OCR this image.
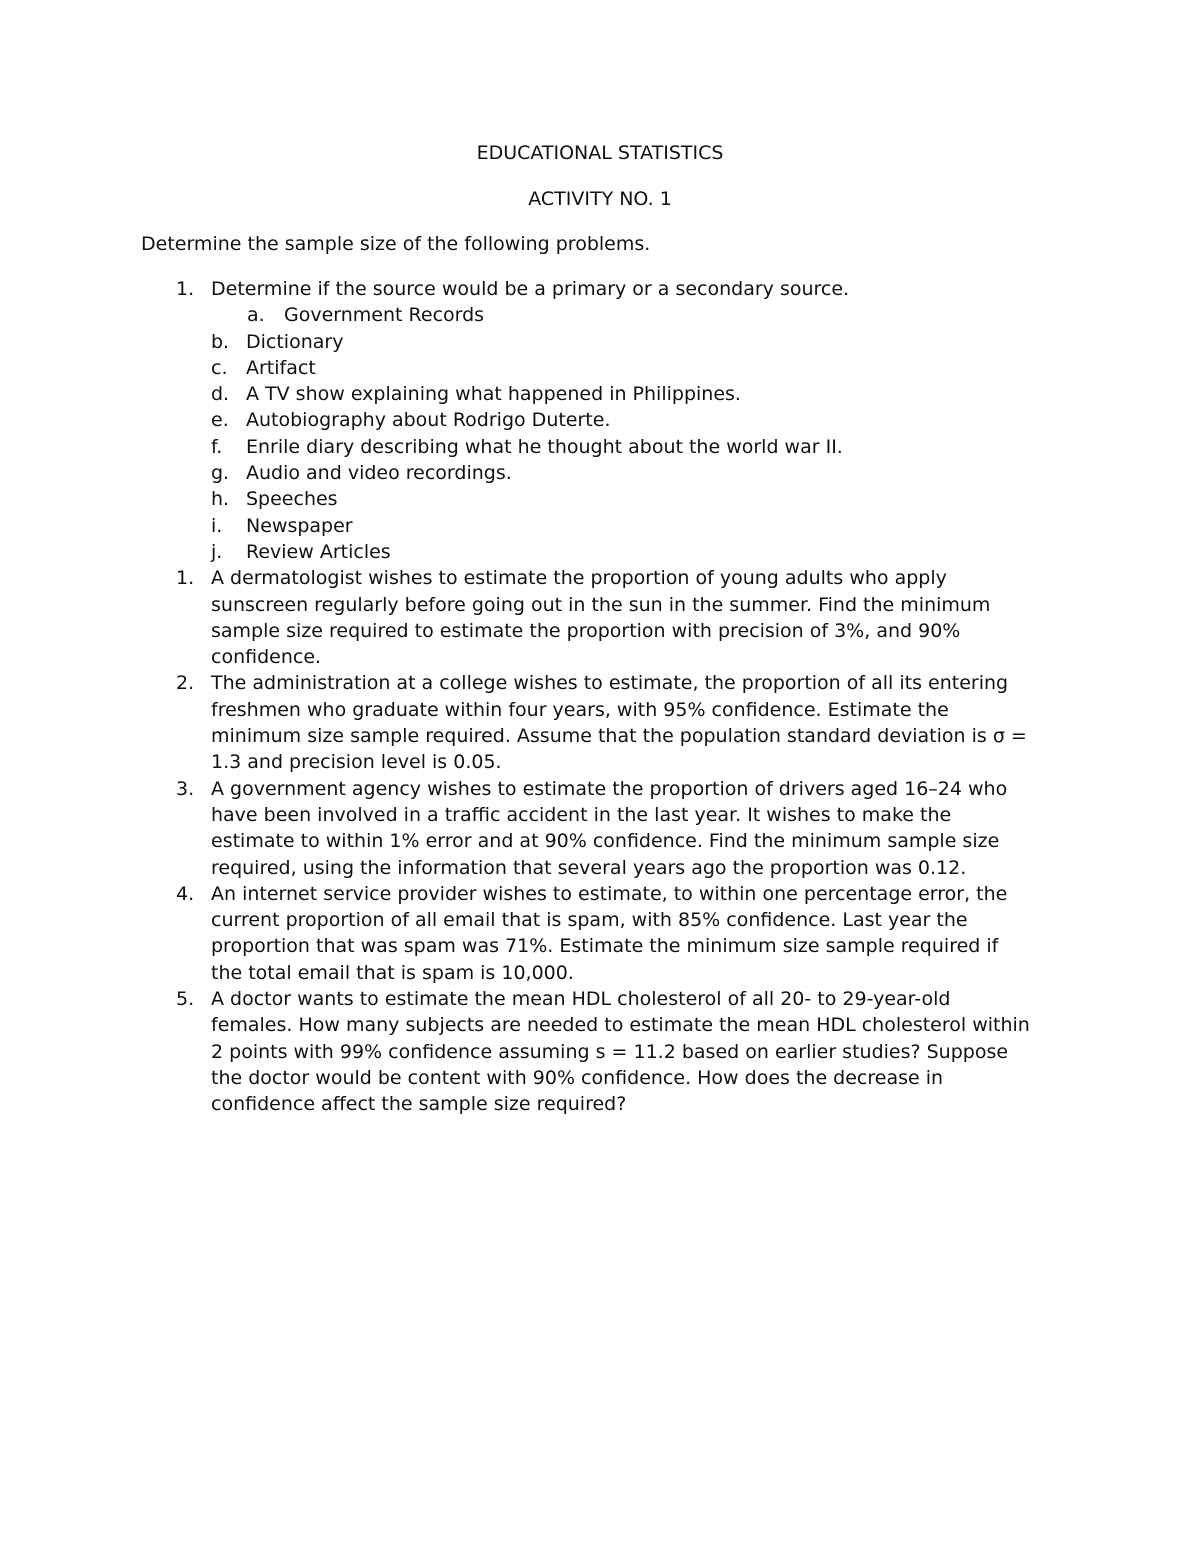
EDUCATIONAL STATISTICS
ACTIVITY NO. 1
Determine the sample size of the following problems.
1. Determine if the source would be a primary or a secondary source.
a.	Government Records
b. Dictionary
c. Artifact
d. A TV show explaining what happened in Philippines.
e. Autobiography about Rodrigo Duterte.
f.	Enrile diary describing what he thought about the world war II.
g. Audio and video recordings.
h. Speeches
i.	Newspaper
j.	Review Articles
1. A dermatologist wishes to estimate the proportion of young adults who apply
sunscreen regularly before going out in the sun in the summer. Find the minimum
sample size required to estimate the proportion with precision of 3%, and 90%
confidence.
2. The administration at a college wishes to estimate, the proportion of all its entering
freshmen who graduate within four years, with 95% confidence. Estimate the
minimum size sample required. Assume that the population standard deviation is σ =
1.3 and precision level is 0.05.
3. A government agency wishes to estimate the proportion of drivers aged 16–24 who
have been involved in a traffic accident in the last year. It wishes to make the
estimate to within 1% error and at 90% confidence. Find the minimum sample size
required, using the information that several years ago the proportion was 0.12.
4. An internet service provider wishes to estimate, to within one percentage error, the
current proportion of all email that is spam, with 85% confidence. Last year the
proportion that was spam was 71%. Estimate the minimum size sample required if
the total email that is spam is 10,000.
5. A doctor wants to estimate the mean HDL cholesterol of all 20- to 29-year-old
females. How many subjects are needed to estimate the mean HDL cholesterol within
2 points with 99% confidence assuming s = 11.2 based on earlier studies? Suppose
the doctor would be content with 90% confidence. How does the decrease in
confidence affect the sample size required?
